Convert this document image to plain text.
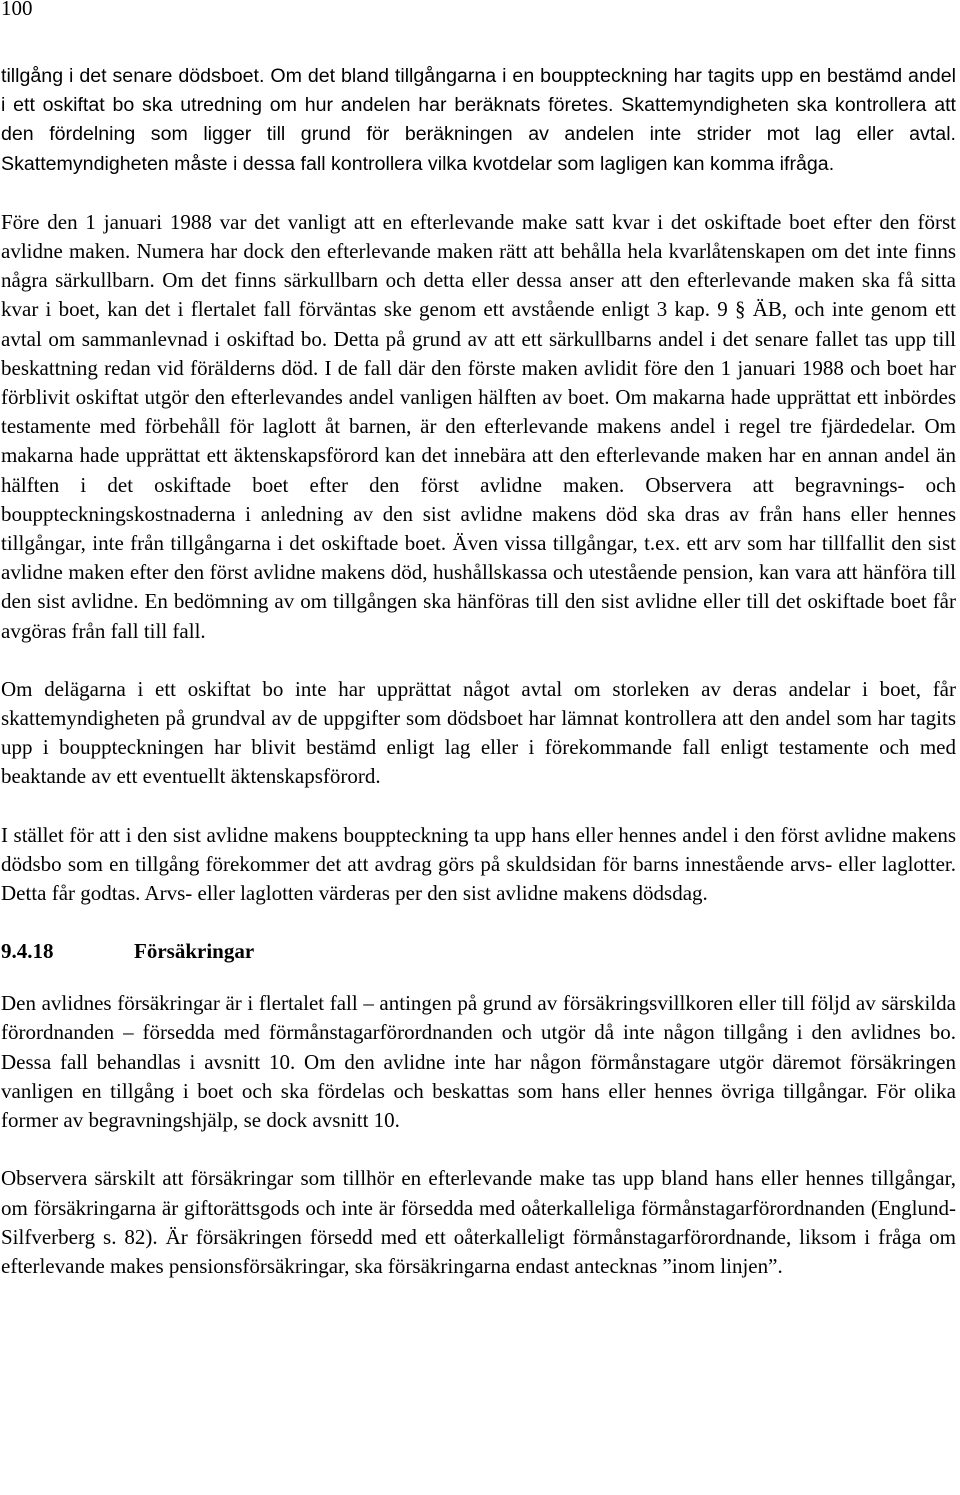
100

tillgång i det senare dödsboet. Om det bland tillgångarna i en bouppteckning har tagits upp en bestämd andel i ett oskiftat bo ska utredning om hur andelen har beräknats företes. Skattemyndigheten ska kontrollera att den fördelning som ligger till grund för beräkningen av andelen inte strider mot lag eller avtal. Skattemyndigheten måste i dessa fall kontrollera vilka kvotdelar som lagligen kan komma ifråga.

Före den 1 januari 1988 var det vanligt att en efterlevande make satt kvar i det oskiftade boet efter den först avlidne maken. Numera har dock den efterlevande maken rätt att behålla hela kvarlåtenskapen om det inte finns några särkullbarn. Om det finns särkullbarn och detta eller dessa anser att den efterlevande maken ska få sitta kvar i boet, kan det i flertalet fall förväntas ske genom ett avstående enligt 3 kap. 9 § ÄB, och inte genom ett avtal om sammanlevnad i oskiftad bo. Detta på grund av att ett särkullbarns andel i det senare fallet tas upp till beskattning redan vid förälderns död. I de fall där den förste maken avlidit före den 1 januari 1988 och boet har förblivit oskiftat utgör den efterlevandes andel vanligen hälften av boet. Om makarna hade upprättat ett inbördes testamente med förbehåll för laglott åt barnen, är den efterlevande makens andel i regel tre fjärdedelar. Om makarna hade upprättat ett äktenskapsförord kan det innebära att den efterlevande maken har en annan andel än hälften i det oskiftade boet efter den först avlidne maken. Observera att begravnings- och bouppteckningskostnaderna i anledning av den sist avlidne makens död ska dras av från hans eller hennes tillgångar, inte från tillgångarna i det oskiftade boet. Även vissa tillgångar, t.ex. ett arv som har tillfallit den sist avlidne maken efter den först avlidne makens död, hushållskassa och utestående pension, kan vara att hänföra till den sist avlidne. En bedömning av om tillgången ska hänföras till den sist avlidne eller till det oskiftade boet får avgöras från fall till fall.

Om delägarna i ett oskiftat bo inte har upprättat något avtal om storleken av deras andelar i boet, får skattemyndigheten på grundval av de uppgifter som dödsboet har lämnat kontrollera att den andel som har tagits upp i bouppteckningen har blivit bestämd enligt lag eller i förekommande fall enligt testamente och med beaktande av ett eventuellt äktenskapsförord.

I stället för att i den sist avlidne makens bouppteckning ta upp hans eller hennes andel i den först avlidne makens dödsbo som en tillgång förekommer det att avdrag görs på skuldsidan för barns innestående arvs- eller laglotter. Detta får godtas. Arvs- eller laglotten värderas per den sist avlidne makens dödsdag.

9.4.18	Försäkringar

Den avlidnes försäkringar är i flertalet fall – antingen på grund av försäkringsvillkoren eller till följd av särskilda förordnanden – försedda med förmånstagarförordnanden och utgör då inte någon tillgång i den avlidnes bo. Dessa fall behandlas i avsnitt 10. Om den avlidne inte har någon förmånstagare utgör däremot försäkringen vanligen en tillgång i boet och ska fördelas och beskattas som hans eller hennes övriga tillgångar. För olika former av begravningshjälp, se dock avsnitt 10.

Observera särskilt att försäkringar som tillhör en efterlevande make tas upp bland hans eller hennes tillgångar, om försäkringarna är giftorättsgods och inte är försedda med oåterkalleliga förmånstagarförordnanden (Englund-Silfverberg s. 82). Är försäkringen försedd med ett oåterkalleligt förmånstagarförordnande, liksom i fråga om efterlevande makes pensionsförsäkringar, ska försäkringarna endast antecknas ”inom linjen”.
